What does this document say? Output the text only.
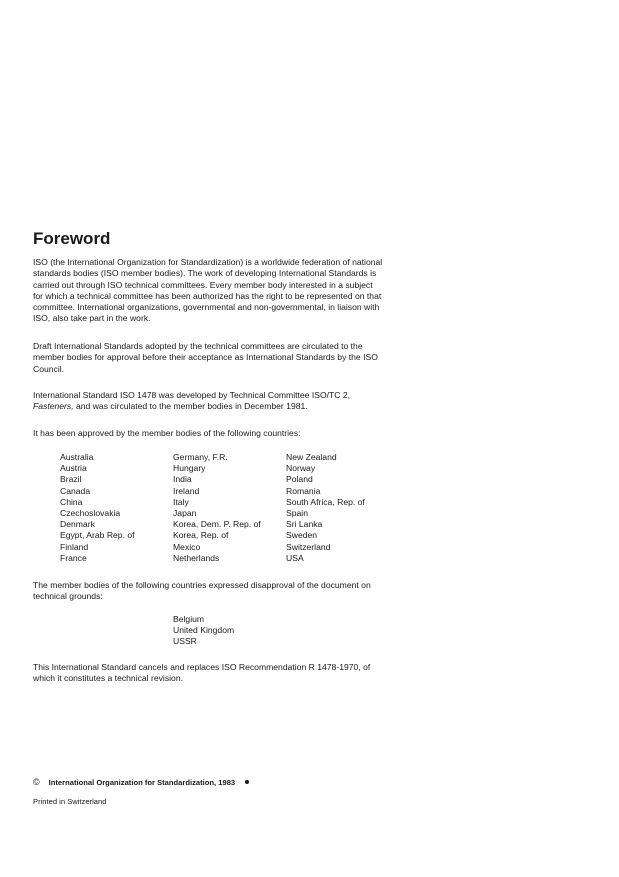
Foreword

ISO (the International Organization for Standardization) is a worldwide federation of national standards bodies (ISO member bodies). The work of developing International Standards is carried out through ISO technical committees. Every member body interested in a subject for which a technical committee has been authorized has the right to be represented on that committee. International organizations, governmental and non-governmental, in liaison with ISO, also take part in the work.

Draft International Standards adopted by the technical committees are circulated to the member bodies for approval before their acceptance as International Standards by the ISO Council.

International Standard ISO 1478 was developed by Technical Committee ISO/TC 2, Fasteners, and was circulated to the member bodies in December 1981.

It has been approved by the member bodies of the following countries:

Australia
Austria
Brazil
Canada
China
Czechoslovakia
Denmark
Egypt, Arab Rep. of
Finland
France
Germany, F.R.
Hungary
India
Ireland
Italy
Japan
Korea, Dem. P. Rep. of
Korea, Rep. of
Mexico
Netherlands
New Zealand
Norway
Poland
Romania
South Africa, Rep. of
Spain
Sri Lanka
Sweden
Switzerland
USA

The member bodies of the following countries expressed disapproval of the document on technical grounds:

Belgium
United Kingdom
USSR

This International Standard cancels and replaces ISO Recommendation R 1478-1970, of which it constitutes a technical revision.

© International Organization for Standardization, 1983
Printed in Switzerland
